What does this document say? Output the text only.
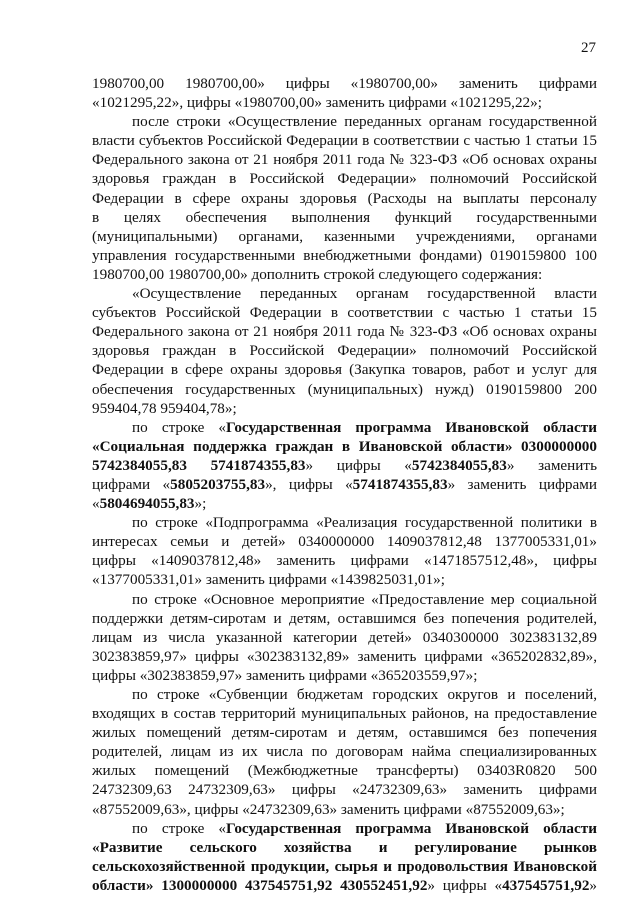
27
1980700,00 1980700,00» цифры «1980700,00» заменить цифрами
«1021295,22», цифры «1980700,00» заменить цифрами «1021295,22»;
после строки «Осуществление переданных органам государственной
власти субъектов Российской Федерации в соответствии с частью 1 статьи 15
Федерального закона от 21 ноября 2011 года № 323-ФЗ «Об основах охраны
здоровья граждан в Российской Федерации» полномочий Российской
Федерации в сфере охраны здоровья (Расходы на выплаты персоналу
в целях обеспечения выполнения функций государственными
(муниципальными) органами, казенными учреждениями, органами
управления государственными внебюджетными фондами) 0190159800 100
1980700,00 1980700,00» дополнить строкой следующего содержания:
«Осуществление переданных органам государственной власти
субъектов Российской Федерации в соответствии с частью 1 статьи 15
Федерального закона от 21 ноября 2011 года № 323-ФЗ «Об основах охраны
здоровья граждан в Российской Федерации» полномочий Российской
Федерации в сфере охраны здоровья (Закупка товаров, работ и услуг для
обеспечения государственных (муниципальных) нужд) 0190159800 200
959404,78 959404,78»;
по строке «Государственная программа Ивановской области
«Социальная поддержка граждан в Ивановской области» 0300000000
5742384055,83 5741874355,83» цифры «5742384055,83» заменить
цифрами «5805203755,83», цифры «5741874355,83» заменить цифрами
«5804694055,83»;
по строке «Подпрограмма «Реализация государственной политики в
интересах семьи и детей» 0340000000 1409037812,48 1377005331,01»
цифры «1409037812,48» заменить цифрами «1471857512,48», цифры
«1377005331,01» заменить цифрами «1439825031,01»;
по строке «Основное мероприятие «Предоставление мер социальной
поддержки детям-сиротам и детям, оставшимся без попечения родителей,
лицам из числа указанной категории детей» 0340300000 302383132,89
302383859,97» цифры «302383132,89» заменить цифрами «365202832,89»,
цифры «302383859,97» заменить цифрами «365203559,97»;
по строке «Субвенции бюджетам городских округов и поселений,
входящих в состав территорий муниципальных районов, на предоставление
жилых помещений детям-сиротам и детям, оставшимся без попечения
родителей, лицам из их числа по договорам найма специализированных
жилых помещений (Межбюджетные трансферты) 03403R0820 500
24732309,63 24732309,63» цифры «24732309,63» заменить цифрами
«87552009,63», цифры «24732309,63» заменить цифрами «87552009,63»;
по строке «Государственная программа Ивановской области
«Развитие сельского хозяйства и регулирование рынков
сельскохозяйственной продукции, сырья и продовольствия Ивановской
области» 1300000000 437545751,92 430552451,92» цифры «437545751,92»
